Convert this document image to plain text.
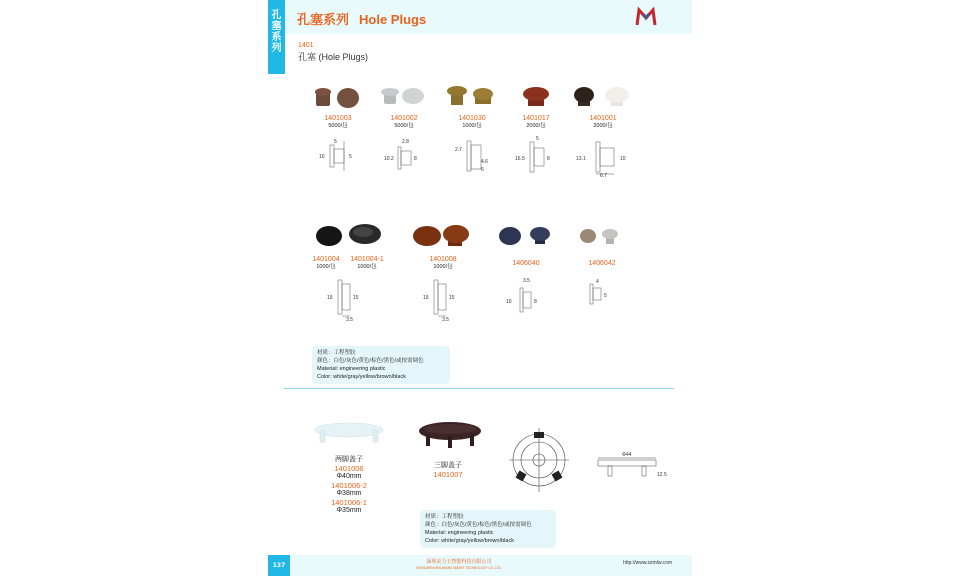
孔
塞
系
列
孔塞系列 Hole Plugs
1401
孔塞 (Hole Plugs)
1401003
5000/包
1401002
5000/包
1401030
1000/包
1401017
2000/包
1401001
2000/包
5
10	5
2.8
10.2	8
2.7
4.6
6
5
16.5	8	13.1	10
6.7
1401004
1000/包
1401004-1
1000/包
1401008
1000/包	1406040	1406042
19	15
3.5
19	15
3.5
3.5
10	8
4
5
材质：工程塑胶
颜色：白色/灰色/黄色/棕色/黑色/或按需调色
Material: engineering plastic
Color: white/gray/yellow/brown/black
两脚盖子
1401006
Φ40mm
1401006-2
Φ38mm
1401006-1
Φ35mm
三脚盖子
1401007
Φ44
12.5
材质：工程塑胶
颜色：白色/灰色/黄色/棕色/黑色/或按需调色
Material: engineering plastic
Color: white/gray/yellow/brown/black
137	深圳美力王智能科技有限公司
SHENZHEN MEILIWANG SMART TECHNOLOGY CO.,LTD.
http://www.szmlw.com
